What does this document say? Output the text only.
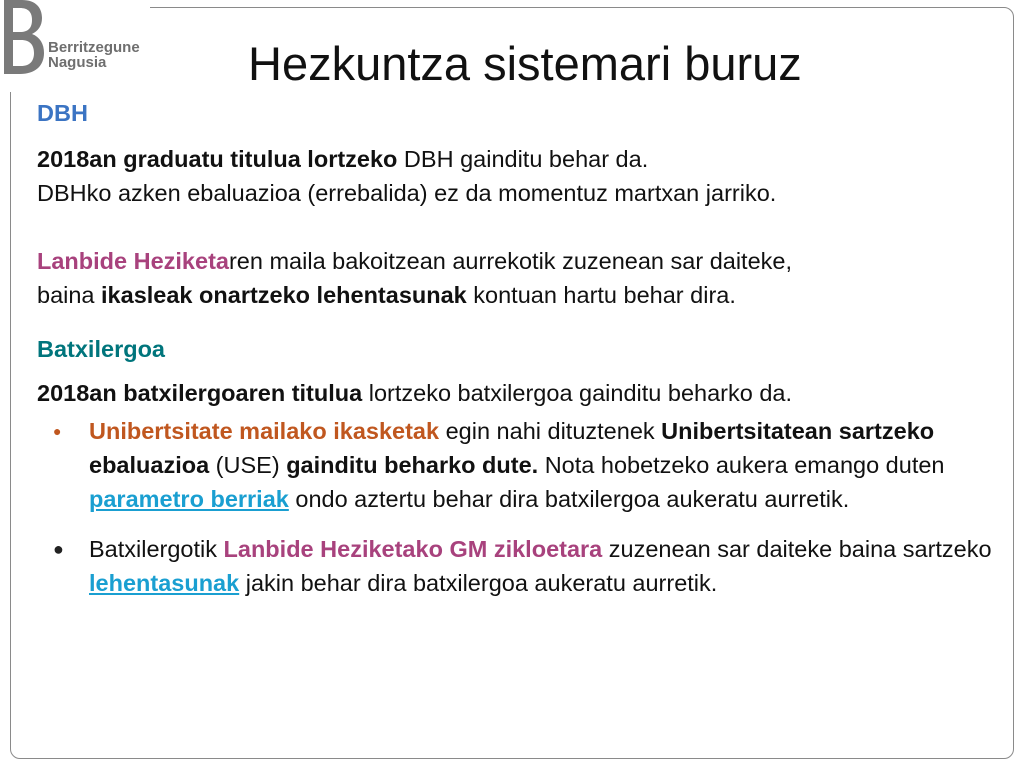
Berritzegune
Nagusia	Hezkuntza sistemari buruz

DBH

2018an graduatu titulua lortzeko DBH gainditu behar da.
DBHko azken ebaluazioa (errebalida) ez da momentuz martxan jarriko.

Lanbide Heziketaren maila bakoitzean aurrekotik zuzenean sar daiteke,
baina ikasleak onartzeko lehentasunak kontuan hartu behar dira.

Batxilergoa

2018an batxilergoaren titulua lortzeko batxilergoa gainditu beharko da.

●	Unibertsitate mailako ikasketak egin nahi dituztenek Unibertsitatean sartzeko ebaluazioa (USE) gainditu beharko dute. Nota hobetzeko aukera emango duten parametro berriak ondo aztertu behar dira batxilergoa aukeratu aurretik.
●	Batxilergotik Lanbide Heziketako GM zikloetara zuzenean sar daiteke baina sartzeko lehentasunak jakin behar dira batxilergoa aukeratu aurretik.
